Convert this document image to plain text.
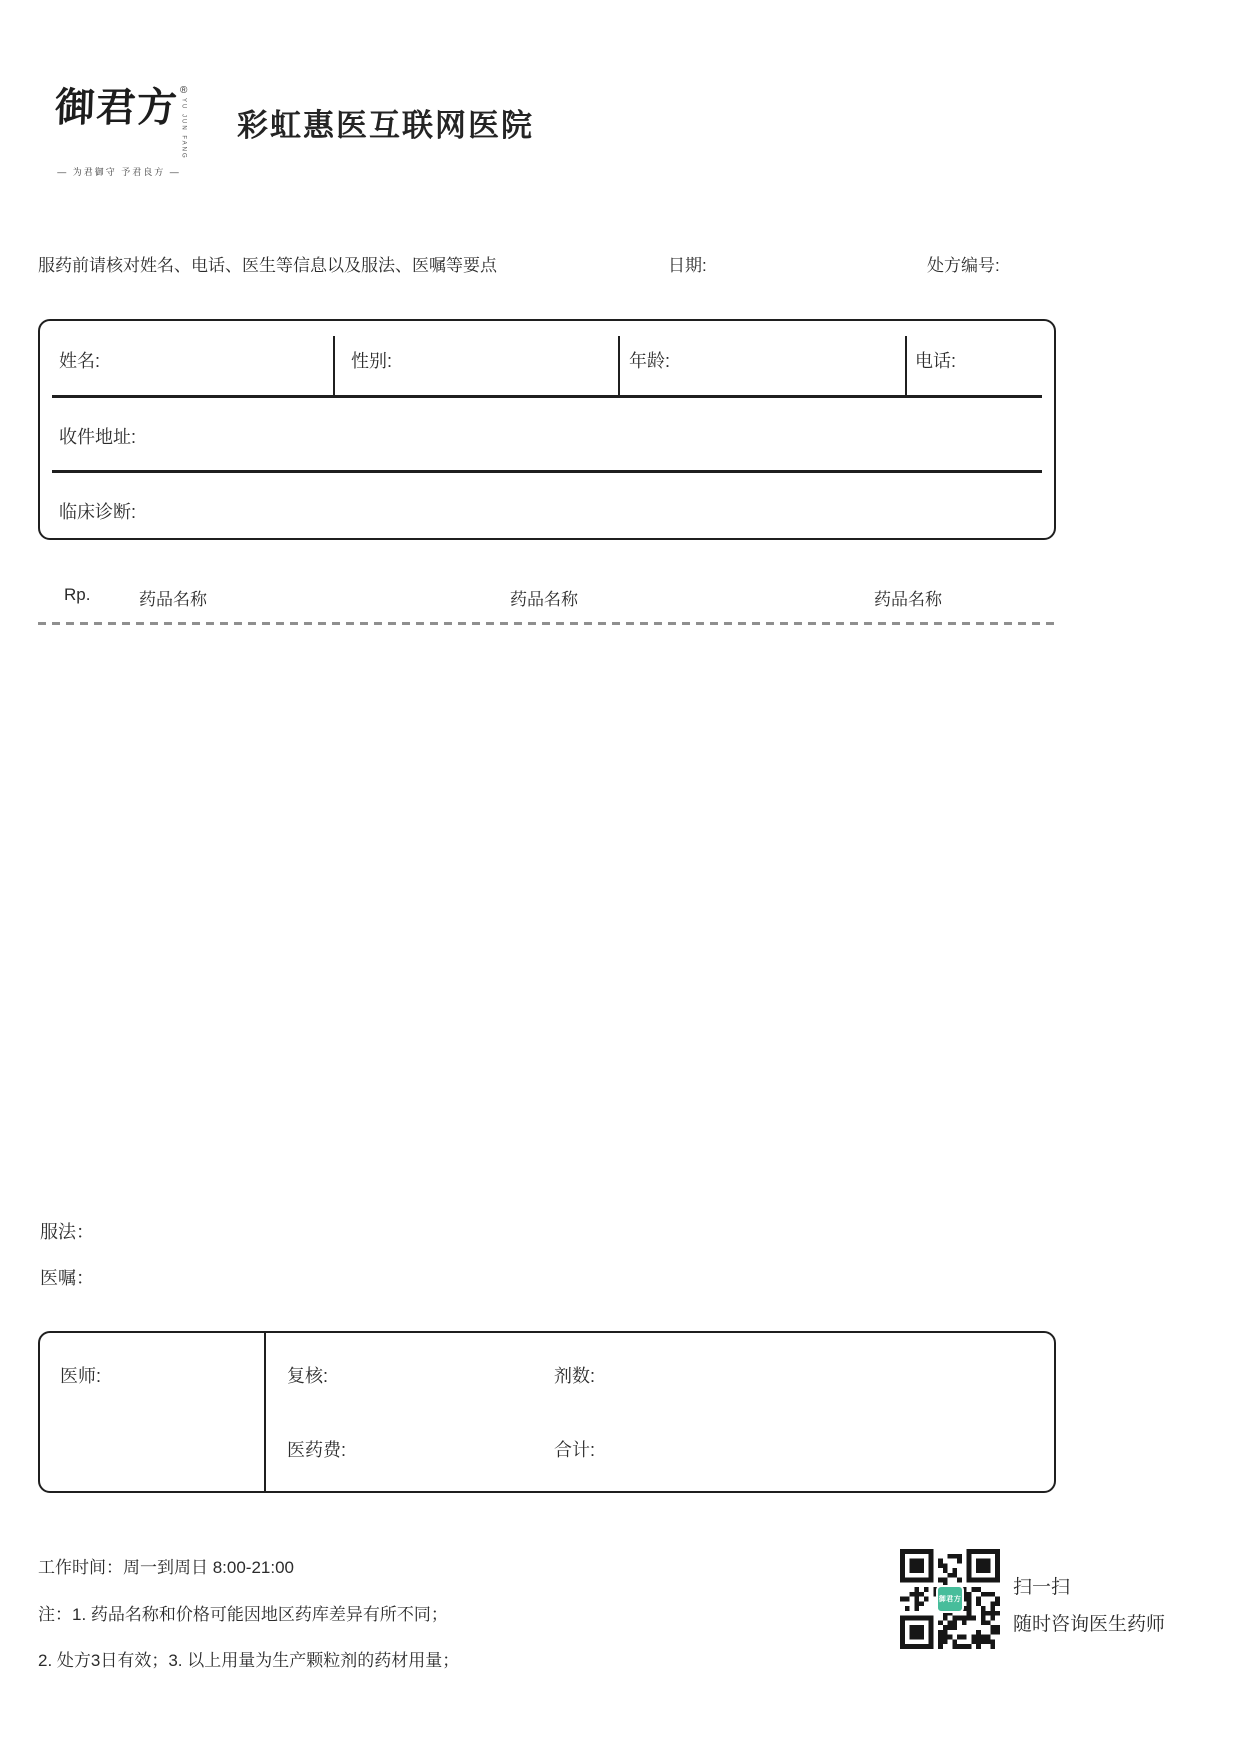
御君方 ®
YU JUN FANG
— 为君御守 予君良方 —
彩虹惠医互联网医院
服药前请核对姓名、电话、医生等信息以及服法、医嘱等要点	日期:	处方编号:
姓名:	性别:	年龄:	电话:
收件地址:
临床诊断:
Rp.	药品名称	药品名称	药品名称
服法：
医嘱：
医师:	复核:	剂数:
医药费:	合计:
工作时间：周一到周日 8:00-21:00
注：1. 药品名称和价格可能因地区药库差异有所不同；
2. 处方3日有效；3. 以上用量为生产颗粒剂的药材用量；
御君方
扫一扫
随时咨询医生药师
